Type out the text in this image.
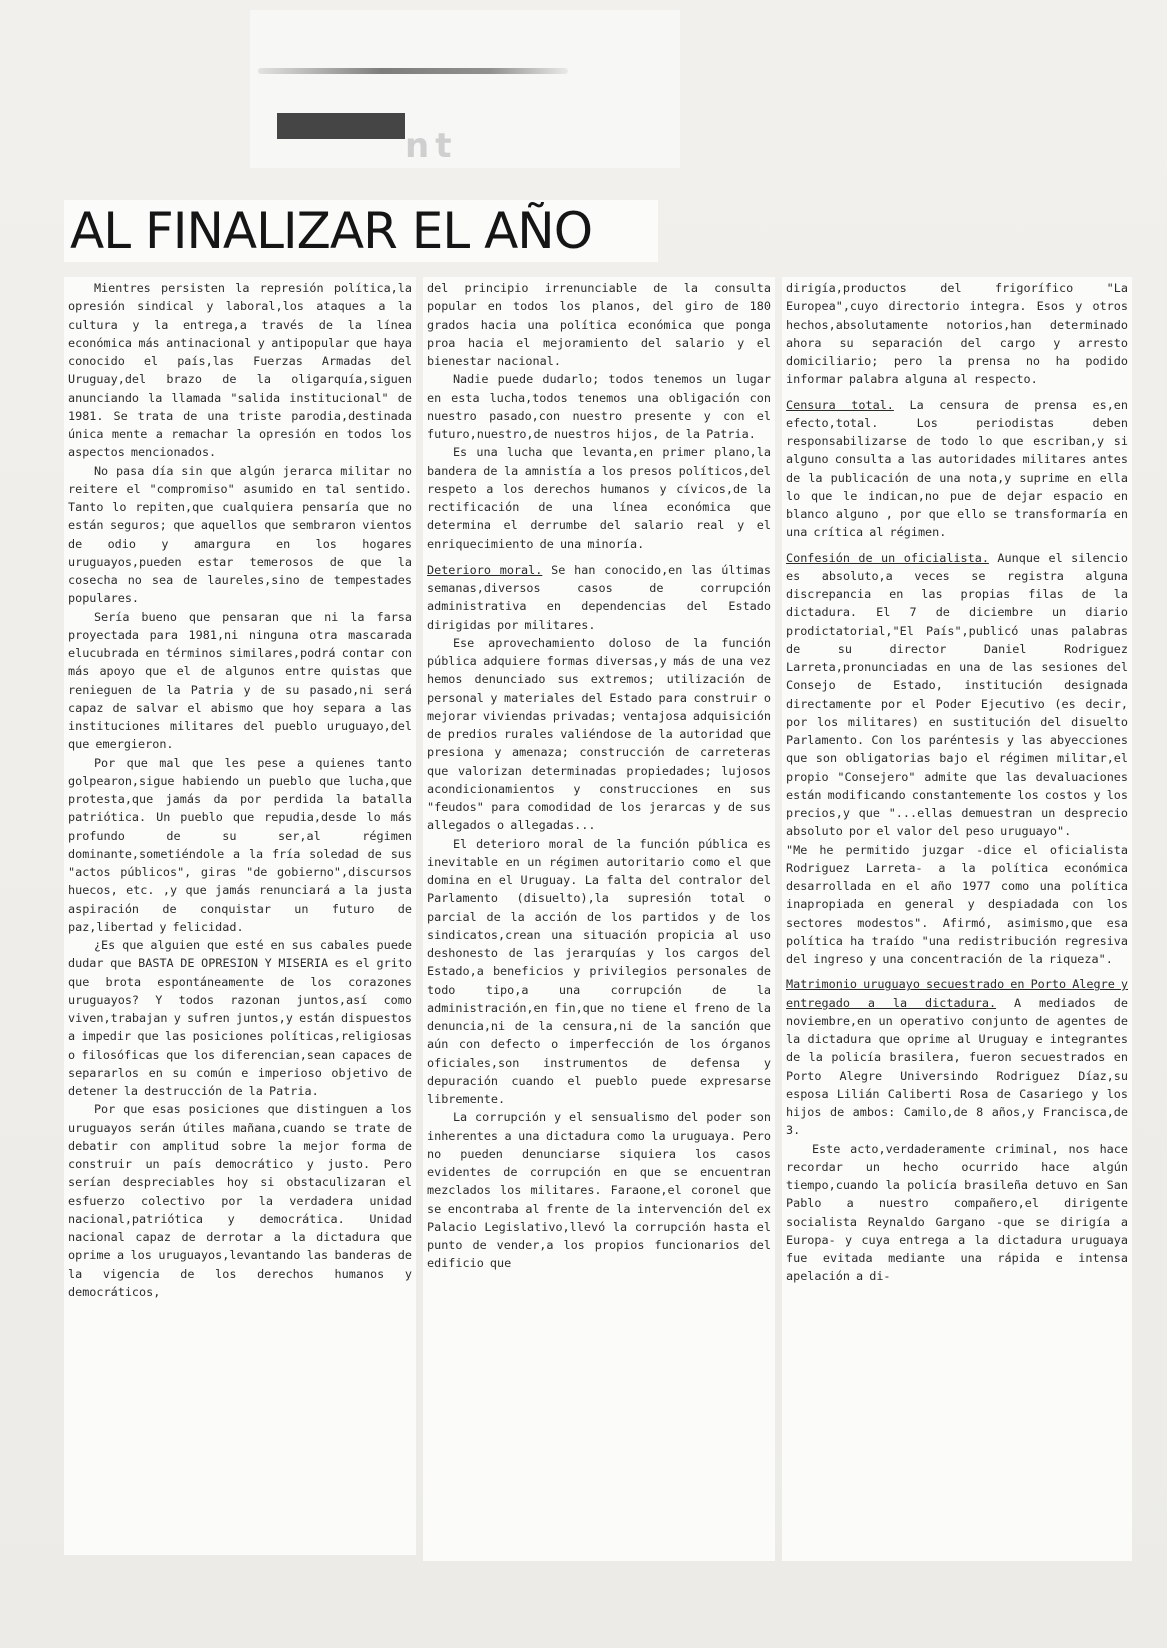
nt
AL FINALIZAR EL AÑO

Mientres persisten la represión política,la opresión sindical y laboral,los ataques a la cultura y la entrega,a través de la línea económica más antinacional y antipopular que haya conocido el país,las Fuerzas Armadas del Uruguay,del brazo de la oligarquía,siguen anunciando la llamada "salida institucional" de 1981. Se trata de una triste parodia,destinada única mente a remachar la opresión en todos los aspectos mencionados.

No pasa día sin que algún jerarca militar no reitere el "compromiso" asumido en tal sentido. Tanto lo repiten,que cualquiera pensaría que no están seguros; que aquellos que sembraron vientos de odio y amargura en los hogares uruguayos,pueden estar temerosos de que la cosecha no sea de laureles,sino de tempestades populares.

Sería bueno que pensaran que ni la farsa proyectada para 1981,ni ninguna otra mascarada elucubrada en términos similares,podrá contar con más apoyo que el de algunos entre quistas que renieguen de la Patria y de su pasado,ni será capaz de salvar el abismo que hoy separa a las instituciones militares del pueblo uruguayo,del que emergieron.

Por que mal que les pese a quienes tanto golpearon,sigue habiendo un pueblo que lucha,que protesta,que jamás da por perdida la batalla patriótica. Un pueblo que repudia,desde lo más profundo de su ser,al régimen dominante,sometiéndole a la fría soledad de sus "actos públicos", giras "de gobierno",discursos huecos, etc. ,y que jamás renunciará a la justa aspiración de conquistar un futuro de paz,libertad y felicidad.

¿Es que alguien que esté en sus cabales puede dudar que BASTA DE OPRESION Y MISERIA es el grito que brota espontáneamente de los corazones uruguayos? Y todos razonan juntos,así como viven,trabajan y sufren juntos,y están dispuestos a impedir que las posiciones políticas,religiosas o filosóficas que los diferencian,sean capaces de separarlos en su común e imperioso objetivo de detener la destrucción de la Patria.

Por que esas posiciones que distinguen a los uruguayos serán útiles mañana,cuando se trate de debatir con amplitud sobre la mejor forma de construir un país democrático y justo. Pero serían despreciables hoy si obstaculizaran el esfuerzo colectivo por la verdadera unidad nacional,patriótica y democrática. Unidad nacional capaz de derrotar a la dictadura que oprime a los uruguayos,levantando las banderas de la vigencia de los derechos humanos y democráticos,

del principio irrenunciable de la consulta popular en todos los planos, del giro de 180 grados hacia una política económica que ponga proa hacia el mejoramiento del salario y el bienestar nacional.

Nadie puede dudarlo; todos tenemos un lugar en esta lucha,todos tenemos una obligación con nuestro pasado,con nuestro presente y con el futuro,nuestro,de nuestros hijos, de la Patria.

Es una lucha que levanta,en primer plano,la bandera de la amnistía a los presos políticos,del respeto a los derechos humanos y cívicos,de la rectificación de una línea económica que determina el derrumbe del salario real y el enriquecimiento de una minoría.

Deterioro moral. Se han conocido,en las últimas semanas,diversos casos de corrupción administrativa en dependencias del Estado dirigidas por militares.

Ese aprovechamiento doloso de la función pública adquiere formas diversas,y más de una vez hemos denunciado sus extremos; utilización de personal y materiales del Estado para construir o mejorar viviendas privadas; ventajosa adquisición de predios rurales valiéndose de la autoridad que presiona y amenaza; construcción de carreteras que valorizan determinadas propiedades; lujosos acondicionamientos y construcciones en sus "feudos" para comodidad de los jerarcas y de sus allegados o allegadas...

El deterioro moral de la función pública es inevitable en un régimen autoritario como el que domina en el Uruguay. La falta del contralor del Parlamento (disuelto),la supresión total o parcial de la acción de los partidos y de los sindicatos,crean una situación propicia al uso deshonesto de las jerarquías y los cargos del Estado,a beneficios y privilegios personales de todo tipo,a una corrupción de la administración,en fin,que no tiene el freno de la denuncia,ni de la censura,ni de la sanción que aún con defecto o imperfección de los órganos oficiales,son instrumentos de defensa y depuración cuando el pueblo puede expresarse libremente.

La corrupción y el sensualismo del poder son inherentes a una dictadura como la uruguaya. Pero no pueden denunciarse siquiera los casos evidentes de corrupción en que se encuentran mezclados los militares. Faraone,el coronel que se encontraba al frente de la intervención del ex Palacio Legislativo,llevó la corrupción hasta el punto de vender,a los propios funcionarios del edificio que

dirigía,productos del frigorífico "La Europea",cuyo directorio integra. Esos y otros hechos,absolutamente notorios,han determinado ahora su separación del cargo y arresto domiciliario; pero la prensa no ha podido informar palabra alguna al respecto.

Censura total. La censura de prensa es,en efecto,total. Los periodistas deben responsabilizarse de todo lo que escriban,y si alguno consulta a las autoridades militares antes de la publicación de una nota,y suprime en ella lo que le indican,no pue de dejar espacio en blanco alguno , por que ello se transformaría en una crítica al régimen.

Confesión de un oficialista. Aunque el silencio es absoluto,a veces se registra alguna discrepancia en las propias filas de la dictadura. El 7 de diciembre un diario prodictatorial,"El País",publicó unas palabras de su director Daniel Rodriguez Larreta,pronunciadas en una de las sesiones del Consejo de Estado, institución designada directamente por el Poder Ejecutivo (es decir, por los militares) en sustitución del disuelto Parlamento. Con los paréntesis y las abyecciones que son obligatorias bajo el régimen militar,el propio "Consejero" admite que las devaluaciones están modificando constantemente los costos y los precios,y que "...ellas demuestran un desprecio absoluto por el valor del peso uruguayo".

"Me he permitido juzgar -dice el oficialista Rodriguez Larreta- a la política económica desarrollada en el año 1977 como una política inapropiada en general y despiadada con los sectores modestos". Afirmó, asimismo,que esa política ha traído "una redistribución regresiva del ingreso y una concentración de la riqueza".

Matrimonio uruguayo secuestrado en Porto Alegre y entregado a la dictadura. A mediados de noviembre,en un operativo conjunto de agentes de la dictadura que oprime al Uruguay e integrantes de la policía brasilera, fueron secuestrados en Porto Alegre Universindo Rodriguez Díaz,su esposa Lilián Caliberti Rosa de Casariego y los hijos de ambos: Camilo,de 8 años,y Francisca,de 3.

Este acto,verdaderamente criminal, nos hace recordar un hecho ocurrido hace algún tiempo,cuando la policía brasileña detuvo en San Pablo a nuestro compañero,el dirigente socialista Reynaldo Gargano -que se dirigía a Europa- y cuya entrega a la dictadura uruguaya fue evitada mediante una rápida e intensa apelación a di-
